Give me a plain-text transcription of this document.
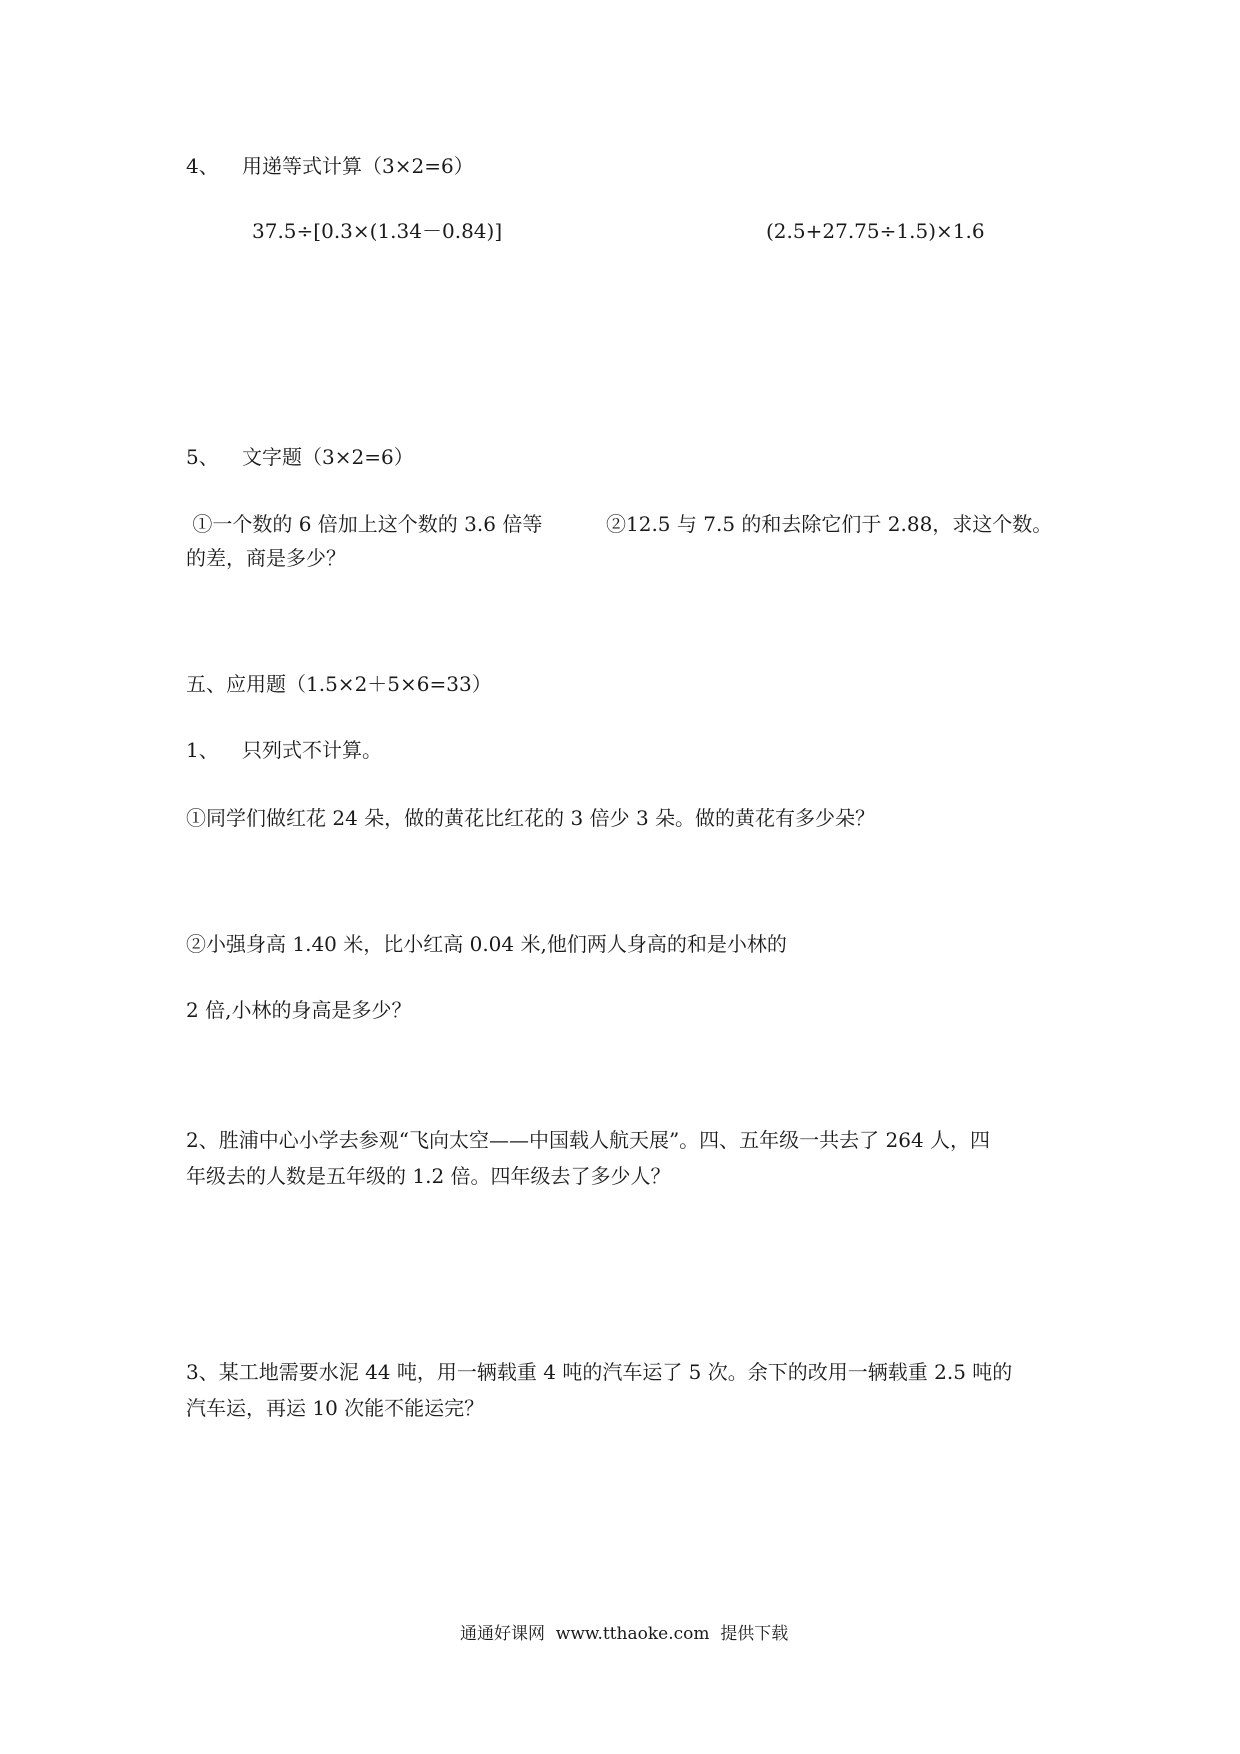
4、 用递等式计算（3×2=6）
37.5÷[0.3×(1.34－0.84)]	(2.5+27.75÷1.5)×1.6
5、 文字题（3×2=6）
①一个数的 6 倍加上这个数的 3.6 倍等	②12.5 与 7.5 的和去除它们于 2.88，求这个数。
的差，商是多少？
五、应用题（1.5×2＋5×6=33）
1、 只列式不计算。
①同学们做红花 24 朵，做的黄花比红花的 3 倍少 3 朵。做的黄花有多少朵？
②小强身高 1.40 米，比小红高 0.04 米,他们两人身高的和是小林的
2 倍,小林的身高是多少？
2、胜浦中心小学去参观“飞向太空——中国载人航天展”。四、五年级一共去了 264 人，四
年级去的人数是五年级的 1.2 倍。四年级去了多少人？
3、某工地需要水泥 44 吨，用一辆载重 4 吨的汽车运了 5 次。余下的改用一辆载重 2.5 吨的
汽车运，再运 10 次能不能运完？
通通好课网  www.tthaoke.com  提供下载
